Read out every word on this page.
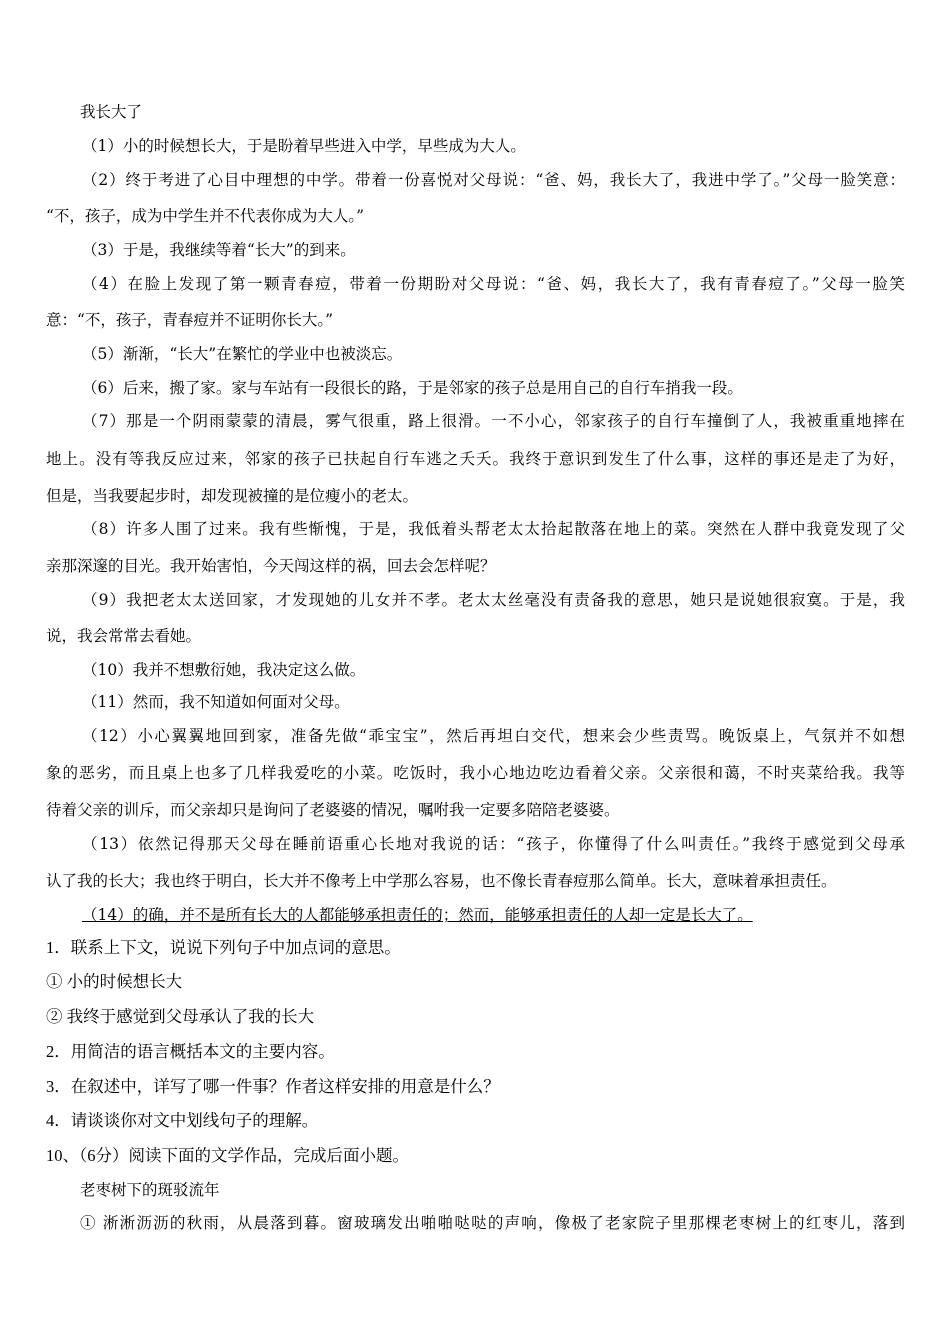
我长大了
（1）小的时候想长大，于是盼着早些进入中学，早些成为大人。
（2）终于考进了心目中理想的中学。带着一份喜悦对父母说：“爸、妈，我长大了，我进中学了。”父母一脸笑意：
“不，孩子，成为中学生并不代表你成为大人。”
（3）于是，我继续等着“长大”的到来。
（4）在脸上发现了第一颗青春痘，带着一份期盼对父母说：“爸、妈，我长大了，我有青春痘了。”父母一脸笑
意：“不，孩子，青春痘并不证明你长大。”
（5）渐渐，“长大”在繁忙的学业中也被淡忘。
（6）后来，搬了家。家与车站有一段很长的路，于是邻家的孩子总是用自己的自行车捎我一段。
（7）那是一个阴雨蒙蒙的清晨，雾气很重，路上很滑。一不小心，邻家孩子的自行车撞倒了人，我被重重地摔在
地上。没有等我反应过来，邻家的孩子已扶起自行车逃之夭夭。我终于意识到发生了什么事，这样的事还是走了为好，
但是，当我要起步时，却发现被撞的是位瘦小的老太。
（8）许多人围了过来。我有些惭愧，于是，我低着头帮老太太拾起散落在地上的菜。突然在人群中我竟发现了父
亲那深邃的目光。我开始害怕，今天闯这样的祸，回去会怎样呢？
（9）我把老太太送回家，才发现她的儿女并不孝。老太太丝毫没有责备我的意思，她只是说她很寂寞。于是，我
说，我会常常去看她。
（10）我并不想敷衍她，我决定这么做。
（11）然而，我不知道如何面对父母。
（12）小心翼翼地回到家，准备先做“乖宝宝”，然后再坦白交代，想来会少些责骂。晚饭桌上，气氛并不如想
象的恶劣，而且桌上也多了几样我爱吃的小菜。吃饭时，我小心地边吃边看着父亲。父亲很和蔼，不时夹菜给我。我等
待着父亲的训斥，而父亲却只是询问了老婆婆的情况，嘱咐我一定要多陪陪老婆婆。
（13）依然记得那天父母在睡前语重心长地对我说的话：“孩子，你懂得了什么叫责任。”我终于感觉到父母承
认了我的长大；我也终于明白，长大并不像考上中学那么容易，也不像长青春痘那么简单。长大，意味着承担责任。
（14）的确，并不是所有长大的人都能够承担责任的；然而，能够承担责任的人却一定是长大了。
1．联系上下文，说说下列句子中加点词的意思。
① 小的时候想长大
② 我终于感觉到父母承认了我的长大
2．用简洁的语言概括本文的主要内容。
3．在叙述中，详写了哪一件事？作者这样安排的用意是什么？
4．请谈谈你对文中划线句子的理解。
10、（6分）阅读下面的文学作品，完成后面小题。
老枣树下的斑驳流年
① 淅淅沥沥的秋雨，从晨落到暮。窗玻璃发出啪啪哒哒的声响，像极了老家院子里那棵老枣树上的红枣儿，落到
